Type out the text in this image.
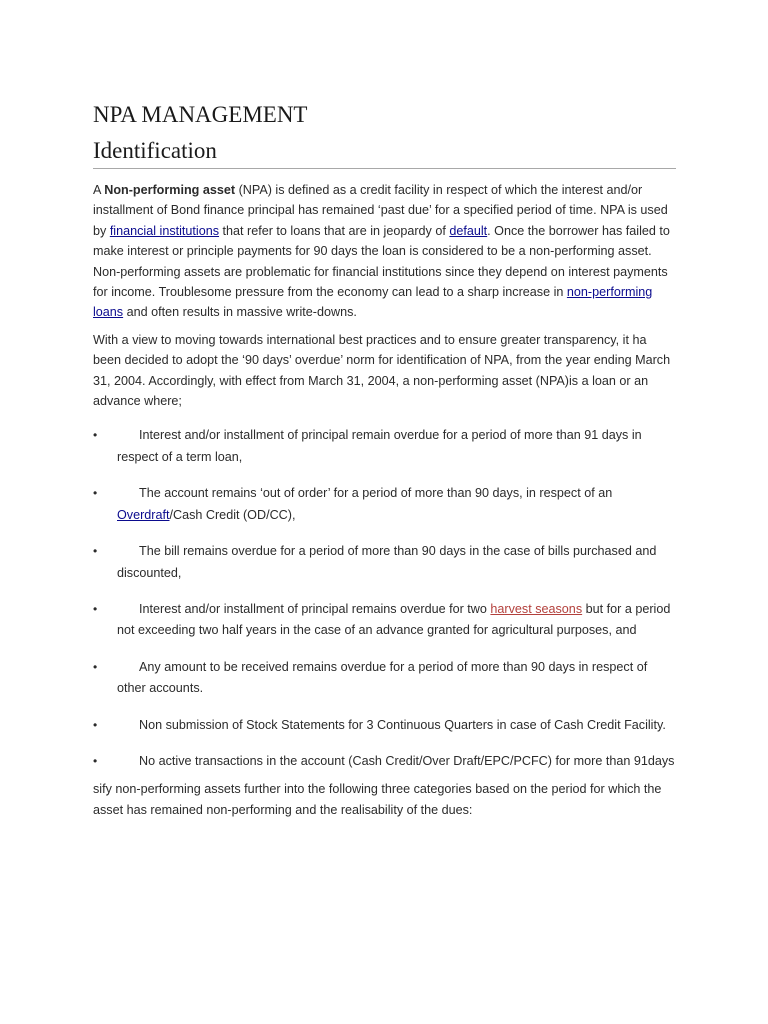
NPA MANAGEMENT
Identification

A Non-performing asset (NPA) is defined as a credit facility in respect of which the interest and/or installment of Bond finance principal has remained ‘past due’ for a specified period of time. NPA is used by financial institutions that refer to loans that are in jeopardy of default. Once the borrower has failed to make interest or principle payments for 90 days the loan is considered to be a non-performing asset. Non-performing assets are problematic for financial institutions since they depend on interest payments for income. Troublesome pressure from the economy can lead to a sharp increase in non-performing loans and often results in massive write-downs.

With a view to moving towards international best practices and to ensure greater transparency, it ha been decided to adopt the ‘90 days’ overdue’ norm for identification of NPA, from the year ending March 31, 2004. Accordingly, with effect from March 31, 2004, a non-performing asset (NPA)is a loan or an advance where;

•	Interest and/or installment of principal remain overdue for a period of more than 91 days in respect of a term loan,
•	The account remains ‘out of order’ for a period of more than 90 days, in respect of an Overdraft/Cash Credit (OD/CC),
•	The bill remains overdue for a period of more than 90 days in the case of bills purchased and discounted,
•	Interest and/or installment of principal remains overdue for two harvest seasons but for a period not exceeding two half years in the case of an advance granted for agricultural purposes, and
•	Any amount to be received remains overdue for a period of more than 90 days in respect of other accounts.
•	Non submission of Stock Statements for 3 Continuous Quarters in case of Cash Credit Facility.
•	No active transactions in the account (Cash Credit/Over Draft/EPC/PCFC) for more than 91days

sify non-performing assets further into the following three categories based on the period for which the asset has remained non-performing and the realisability of the dues:
